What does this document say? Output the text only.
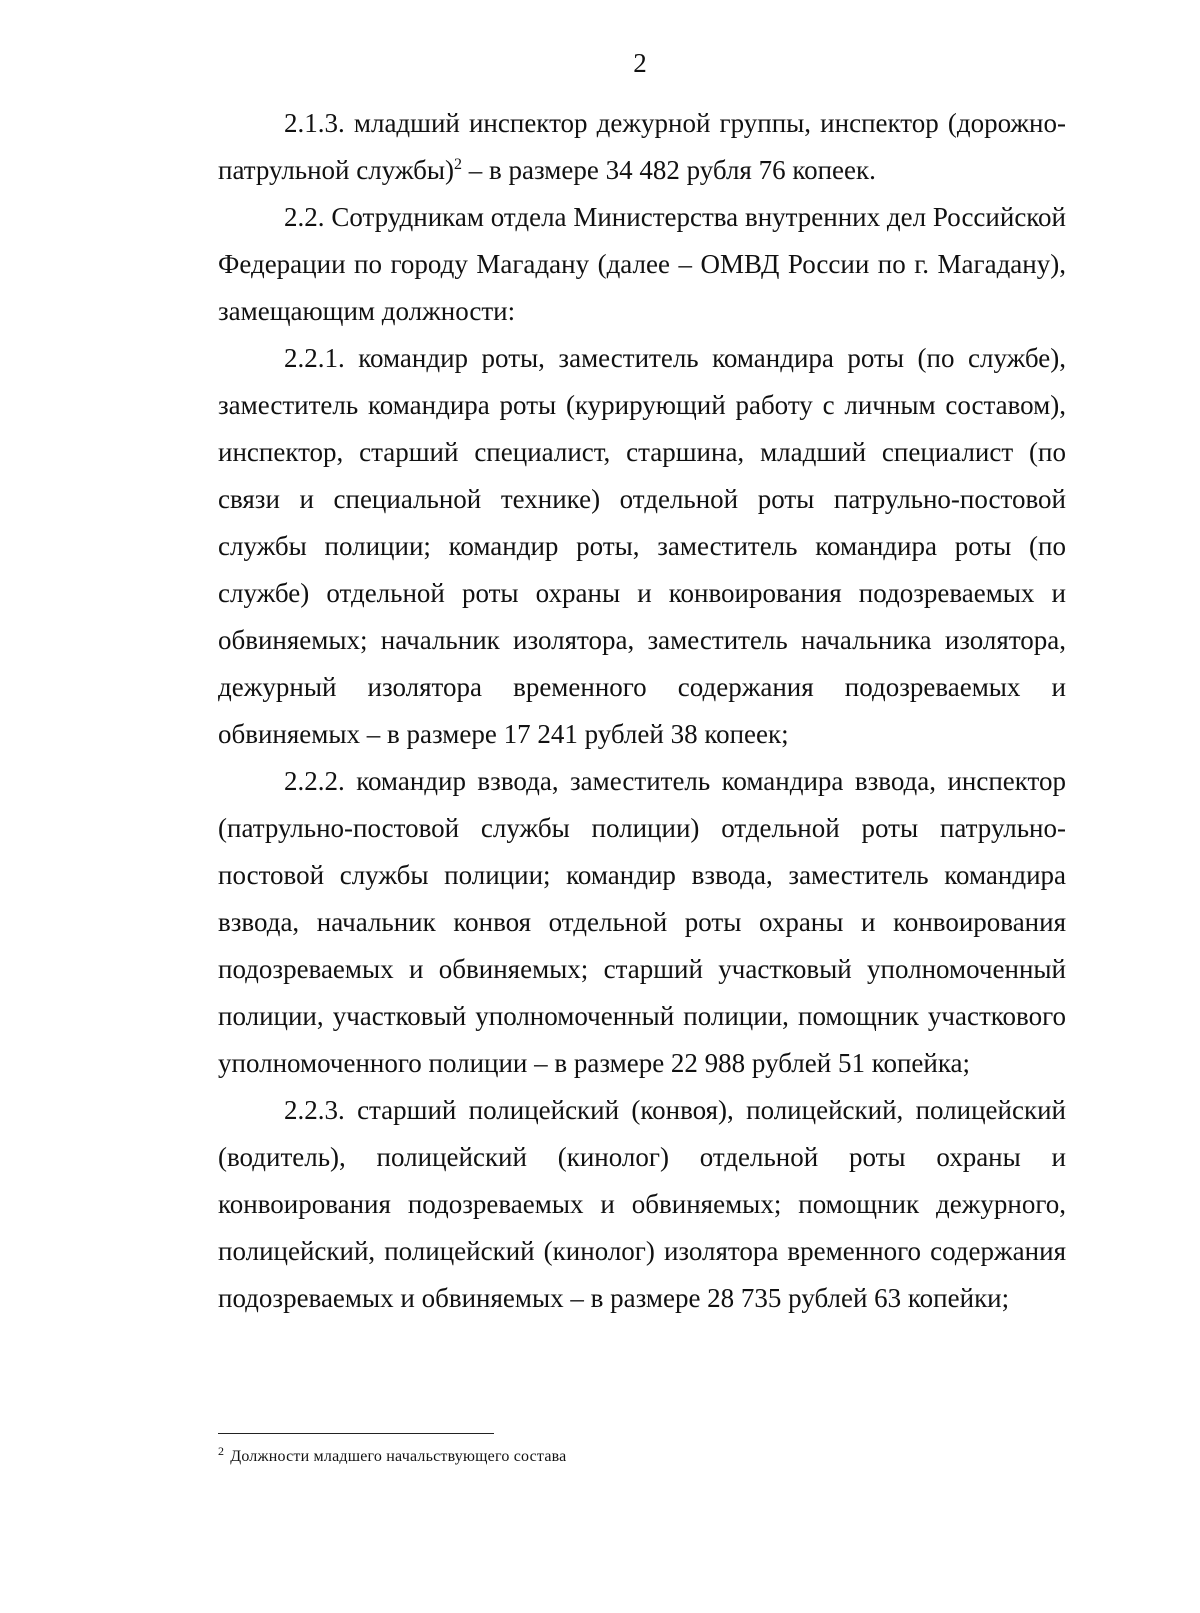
2

2.1.3. младший инспектор дежурной группы, инспектор (дорожно-патрульной службы)$^2$ – в размере 34 482 рубля 76 копеек.

2.2. Сотрудникам отдела Министерства внутренних дел Российской Федерации по городу Магадану (далее – ОМВД России по г. Магадану), замещающим должности:

2.2.1. командир роты, заместитель командира роты (по службе), заместитель командира роты (курирующий работу с личным составом), инспектор, старший специалист, старшина, младший специалист (по связи и специальной технике) отдельной роты патрульно-постовой службы полиции; командир роты, заместитель командира роты (по службе) отдельной роты охраны и конвоирования подозреваемых и обвиняемых; начальник изолятора, заместитель начальника изолятора, дежурный изолятора временного содержания подозреваемых и обвиняемых – в размере 17 241 рублей 38 копеек;

2.2.2. командир взвода, заместитель командира взвода, инспектор (патрульно-постовой службы полиции) отдельной роты патрульно-постовой службы полиции; командир взвода, заместитель командира взвода, начальник конвоя отдельной роты охраны и конвоирования подозреваемых и обвиняемых; старший участковый уполномоченный полиции, участковый уполномоченный полиции, помощник участкового уполномоченного полиции – в размере 22 988 рублей 51 копейка;

2.2.3. старший полицейский (конвоя), полицейский, полицейский (водитель), полицейский (кинолог) отдельной роты охраны и конвоирования подозреваемых и обвиняемых; помощник дежурного, полицейский, полицейский (кинолог) изолятора временного содержания подозреваемых и обвиняемых – в размере 28 735 рублей 63 копейки;

$^2$ Должности младшего начальствующего состава
